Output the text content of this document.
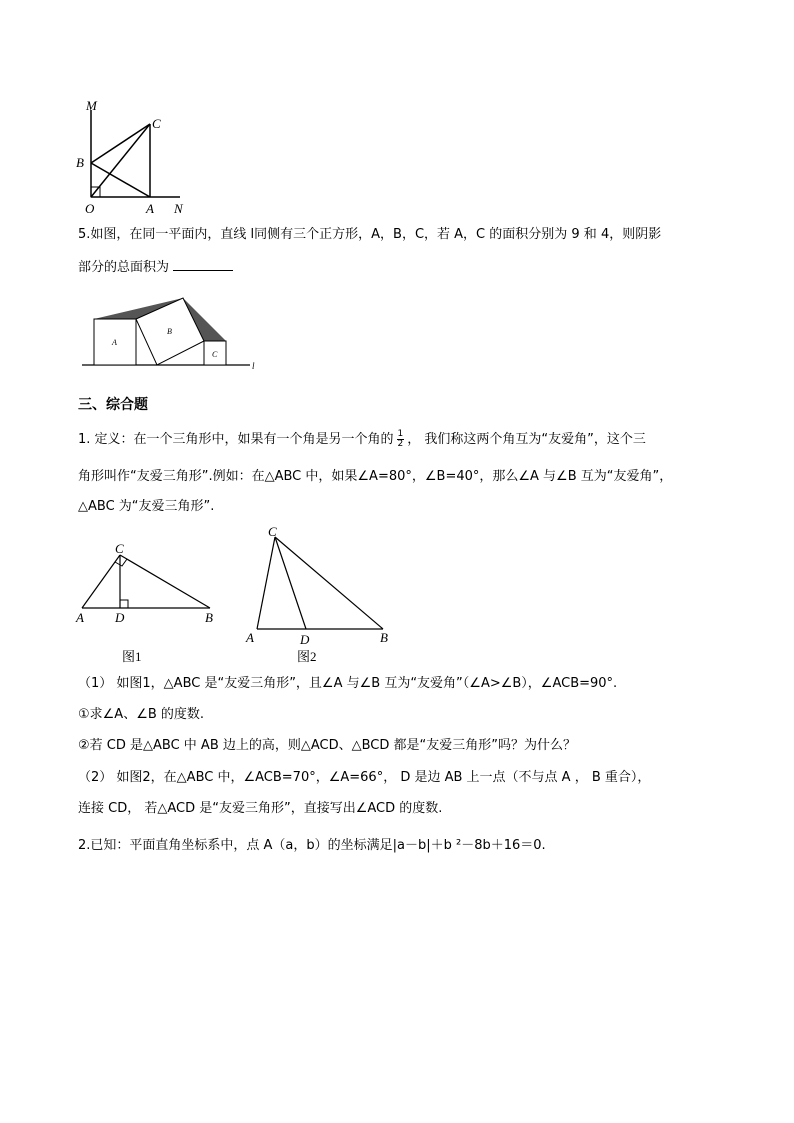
M
C
B
O	A N
5.如图，在同一平面内，直线 l同侧有三个正方形，A，B，C，若 A，C 的面积分别为 9 和 4，则阴影
部分的总面积为
A
B
C
l
三、综合题
1. 定义：在一个三角形中，如果有一个角是另一个角的 $\frac{1}{2}$ ， 我们称这两个角互为“友爱角”，这个三
角形叫作“友爱三角形”.例如：在△ABC 中，如果∠A=80°，∠B=40°，那么∠A 与∠B 互为“友爱角”，
△ABC 为“友爱三角形”.
C
A D	B
图1
C
A	D	B
图2
（1） 如图1，△ABC 是“友爱三角形”，且∠A 与∠B 互为“友爱角”（∠A>∠B），∠ACB=90°.
①求∠A、∠B 的度数.
②若 CD 是△ABC 中 AB 边上的高，则△ACD、△BCD 都是“友爱三角形”吗？为什么？
（2） 如图2，在△ABC 中，∠ACB=70°，∠A=66°， D 是边 AB 上一点（不与点 A ， B 重合），
连接 CD， 若△ACD 是“友爱三角形”，直接写出∠ACD 的度数.
2.已知：平面直角坐标系中，点 A（a，b）的坐标满足|a－b|＋b ²－8b＋16＝0.
